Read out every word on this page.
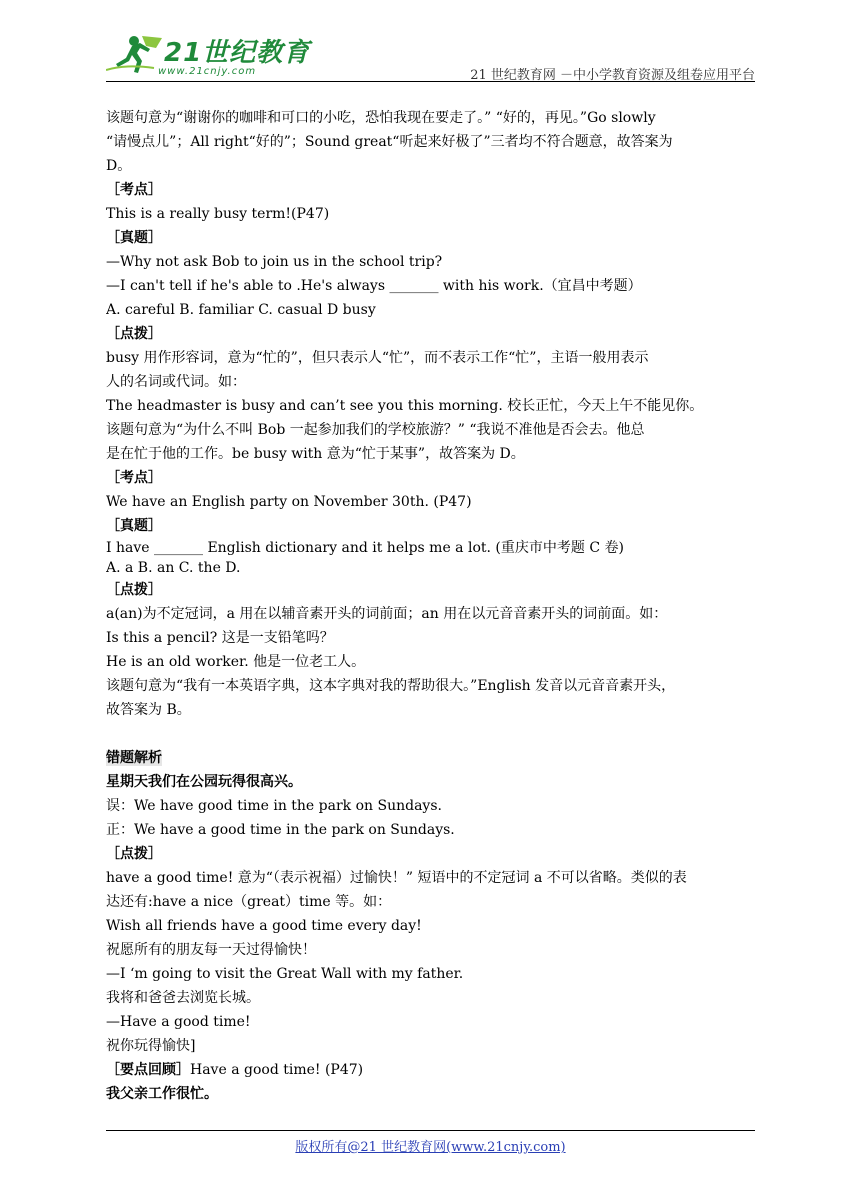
21世纪教育
www.21cnjy.com	21 世纪教育网 －中小学教育资源及组卷应用平台
该题句意为“谢谢你的咖啡和可口的小吃，恐怕我现在要走了。” “好的，再见。”Go slowly
“请慢点儿”；All right“好的”；Sound great“听起来好极了”三者均不符合题意，故答案为
D。
［考点］
This is a really busy term!(P47)
［真题］
—Why not ask Bob to join us in the school trip?
—I can't tell if he's able to .He's always _______ with his work.（宜昌中考题）
A. careful B. familiar C. casual D busy
［点拨］
busy 用作形容词，意为“忙的”，但只表示人“忙”，而不表示工作“忙”，主语一般用表示
人的名词或代词。如：
The headmaster is busy and can’t see you this morning. 校长正忙，今天上午不能见你。
该题句意为“为什么不叫 Bob 一起参加我们的学校旅游？” “我说不准他是否会去。他总
是在忙于他的工作。be busy with 意为“忙于某事”，故答案为 D。
［考点］
We have an English party on November 30th. (P47)
［真题］
I have _______ English dictionary and it helps me a lot. (重庆市中考题 C 卷)
A. a B. an C. the D.
［点拨］
a(an)为不定冠词，a 用在以辅音素开头的词前面；an 用在以元音音素开头的词前面。如：
Is this a pencil? 这是一支铅笔吗？
He is an old worker. 他是一位老工人。
该题句意为“我有一本英语字典，这本字典对我的帮助很大。”English 发音以元音音素开头，
故答案为 B。
错题解析
星期天我们在公园玩得很高兴。
误：We have good time in the park on Sundays.
正：We have a good time in the park on Sundays.
［点拨］
have a good time! 意为“（表示祝福）过愉快！” 短语中的不定冠词 a 不可以省略。类似的表
达还有:have a nice（great）time 等。如：
Wish all friends have a good time every day!
祝愿所有的朋友每一天过得愉快！
—I ‘m going to visit the Great Wall with my father.
我将和爸爸去浏览长城。
—Have a good time!
祝你玩得愉快]
［要点回顾］Have a good time! (P47)
我父亲工作很忙。
版权所有@21 世纪教育网(www.21cnjy.com)
